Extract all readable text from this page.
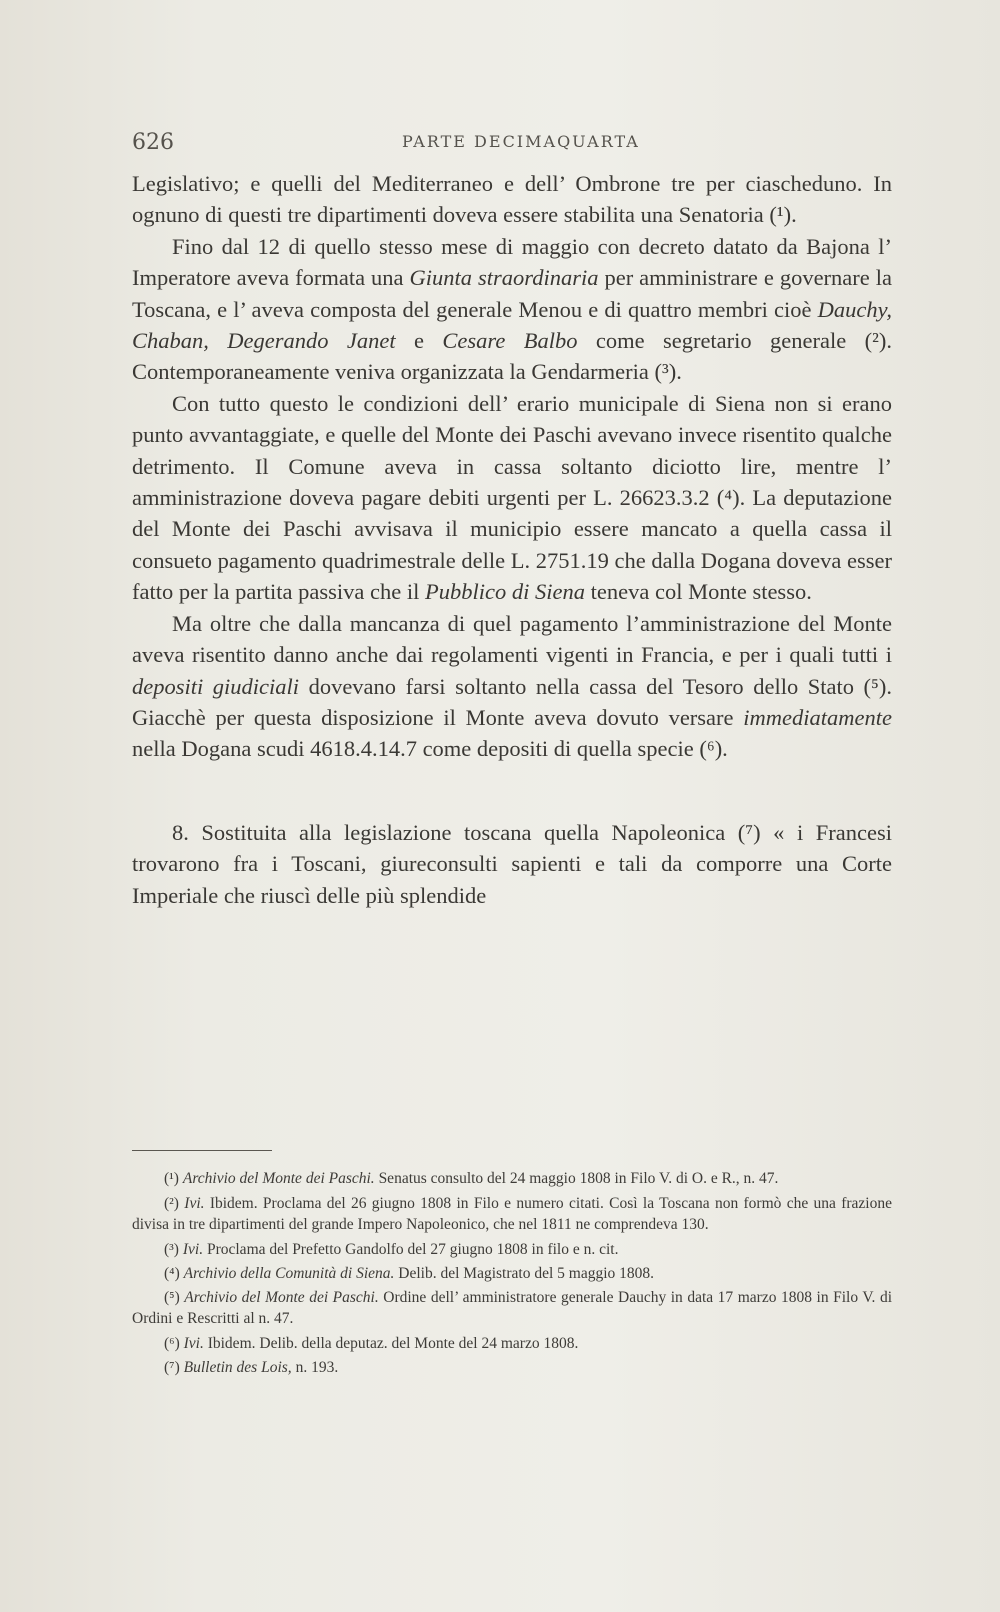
626	PARTE DECIMAQUARTA

Legislativo; e quelli del Mediterraneo e dell’ Ombrone tre per ciascheduno. In ognuno di questi tre dipartimenti doveva essere stabilita una Senatoria (¹).

Fino dal 12 di quello stesso mese di maggio con decreto datato da Bajona l’ Imperatore aveva formata una Giunta straordinaria per amministrare e governare la Toscana, e l’ aveva composta del generale Menou e di quattro membri cioè Dauchy, Chaban, Degerando Janet e Cesare Balbo come segretario generale (²). Contemporaneamente veniva organizzata la Gendarmeria (³).

Con tutto questo le condizioni dell’ erario municipale di Siena non si erano punto avvantaggiate, e quelle del Monte dei Paschi avevano invece risentito qualche detrimento. Il Comune aveva in cassa soltanto diciotto lire, mentre l’ amministrazione doveva pagare debiti urgenti per L. 26623.3.2 (⁴). La deputazione del Monte dei Paschi avvisava il municipio essere mancato a quella cassa il consueto pagamento quadrimestrale delle L. 2751.19 che dalla Dogana doveva esser fatto per la partita passiva che il Pubblico di Siena teneva col Monte stesso.

Ma oltre che dalla mancanza di quel pagamento l’amministrazione del Monte aveva risentito danno anche dai regolamenti vigenti in Francia, e per i quali tutti i depositi giudiciali dovevano farsi soltanto nella cassa del Tesoro dello Stato (⁵). Giacchè per questa disposizione il Monte aveva dovuto versare immediatamente nella Dogana scudi 4618.4.14.7 come depositi di quella specie (⁶).

8. Sostituita alla legislazione toscana quella Napoleonica (⁷) « i Francesi trovarono fra i Toscani, giureconsulti sapienti e tali da comporre una Corte Imperiale che riuscì delle più splendide

(¹) Archivio del Monte dei Paschi. Senatus consulto del 24 maggio 1808 in Filo V. di O. e R., n. 47.

(²) Ivi. Ibidem. Proclama del 26 giugno 1808 in Filo e numero citati. Così la Toscana non formò che una frazione divisa in tre dipartimenti del grande Impero Napoleonico, che nel 1811 ne comprendeva 130.

(³) Ivi. Proclama del Prefetto Gandolfo del 27 giugno 1808 in filo e n. cit.

(⁴) Archivio della Comunità di Siena. Delib. del Magistrato del 5 maggio 1808.

(⁵) Archivio del Monte dei Paschi. Ordine dell’ amministratore generale Dauchy in data 17 marzo 1808 in Filo V. di Ordini e Rescritti al n. 47.

(⁶) Ivi. Ibidem. Delib. della deputaz. del Monte del 24 marzo 1808.

(⁷) Bulletin des Lois, n. 193.
